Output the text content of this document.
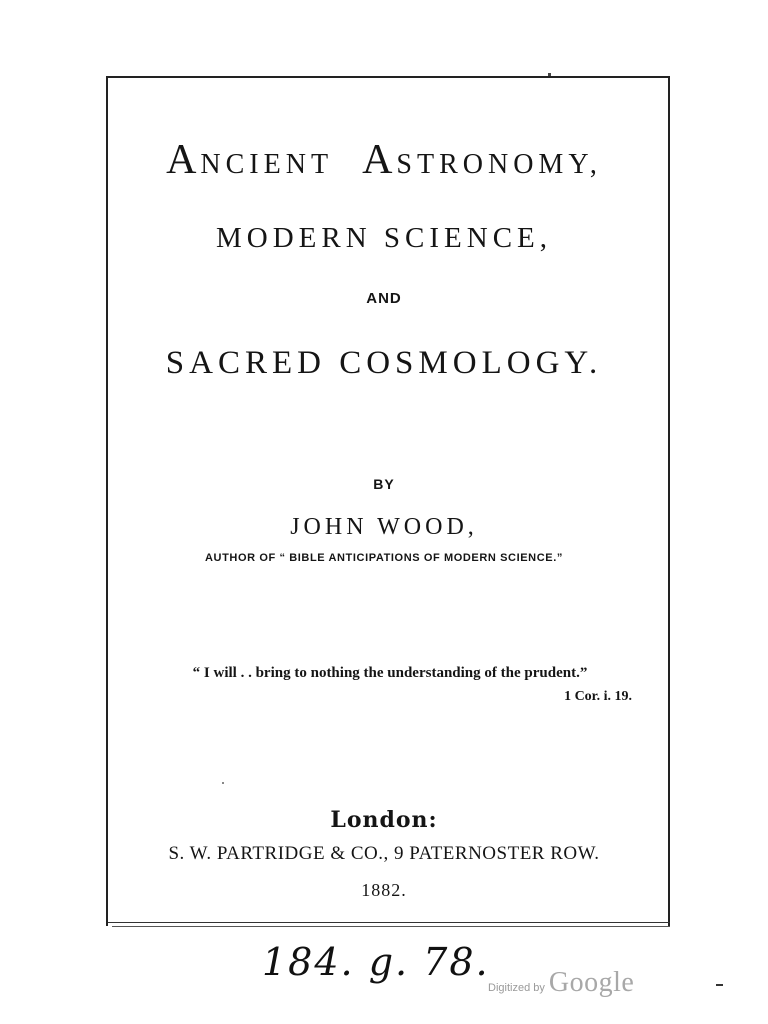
ANCIENT ASTRONOMY,
MODERN SCIENCE,
AND
SACRED COSMOLOGY.
BY
JOHN WOOD,
AUTHOR OF “ BIBLE ANTICIPATIONS OF MODERN SCIENCE.”
“ I will . . bring to nothing the understanding of the prudent.”
1 Cor. i. 19.
London:
S. W. PARTRIDGE & CO., 9 PATERNOSTER ROW.
1882.
184. g. 78.
Digitized by Google
